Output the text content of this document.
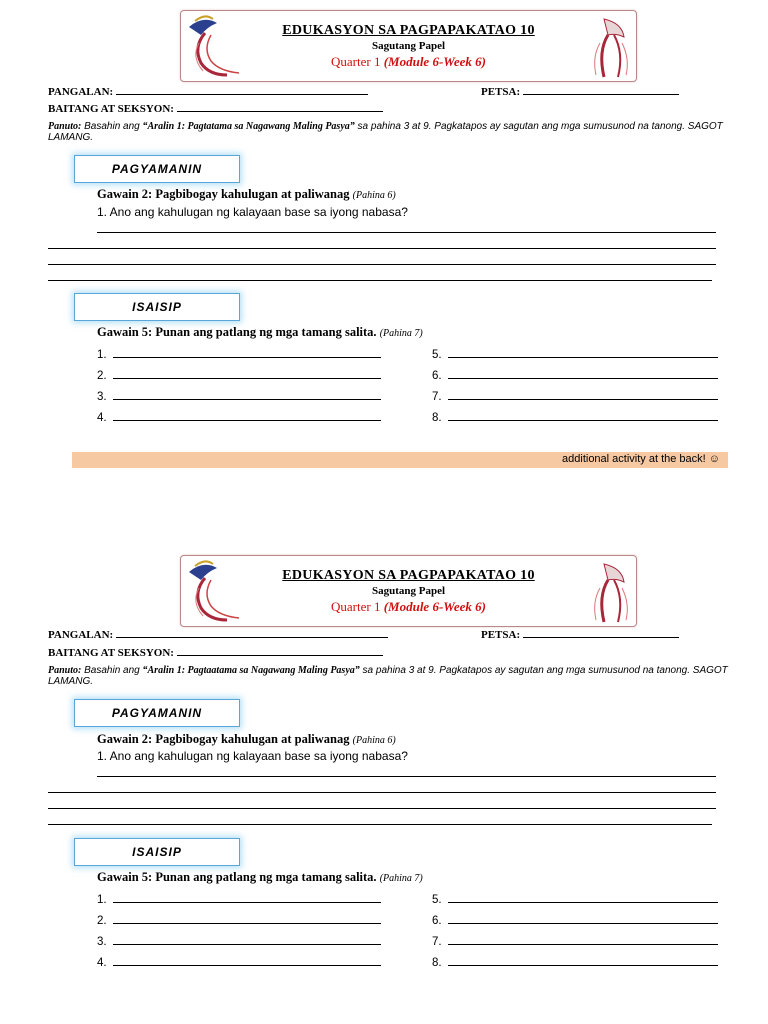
EDUKASYON SA PAGPAPAKATAO 10
Sagutang Papel
Quarter 1 (Module 6-Week 6)
PANGALAN:	PETSA:
BAITANG AT SEKSYON:
Panuto: Basahin ang “Aralin 1: Pagtatama sa Nagawang Maling Pasya” sa pahina 3 at 9. Pagkatapos ay sagutan ang mga sumusunod na tanong. SAGOT LAMANG.
PAGYAMANIN
Gawain 2: Pagbibogay kahulugan at paliwanag (Pahina 6)
1. Ano ang kahulugan ng kalayaan base sa iyong nabasa?
ISAISIP
Gawain 5: Punan ang patlang ng mga tamang salita. (Pahina 7)
1.
2.
3.
4.
5.
6.
7.
8.
additional activity at the back! ☺
EDUKASYON SA PAGPAPAKATAO 10
Sagutang Papel
Quarter 1 (Module 6-Week 6)
PANGALAN:	PETSA:
BAITANG AT SEKSYON:
Panuto: Basahin ang “Aralin 1: Pagtaatama sa Nagawang Maling Pasya” sa pahina 3 at 9. Pagkatapos ay sagutan ang mga sumusunod na tanong. SAGOT LAMANG.
PAGYAMANIN
Gawain 2: Pagbibogay kahulugan at paliwanag (Pahina 6)
1. Ano ang kahulugan ng kalayaan base sa iyong nabasa?
ISAISIP
Gawain 5: Punan ang patlang ng mga tamang salita. (Pahina 7)
1.
2.
3.
4.
5.
6.
7.
8.
